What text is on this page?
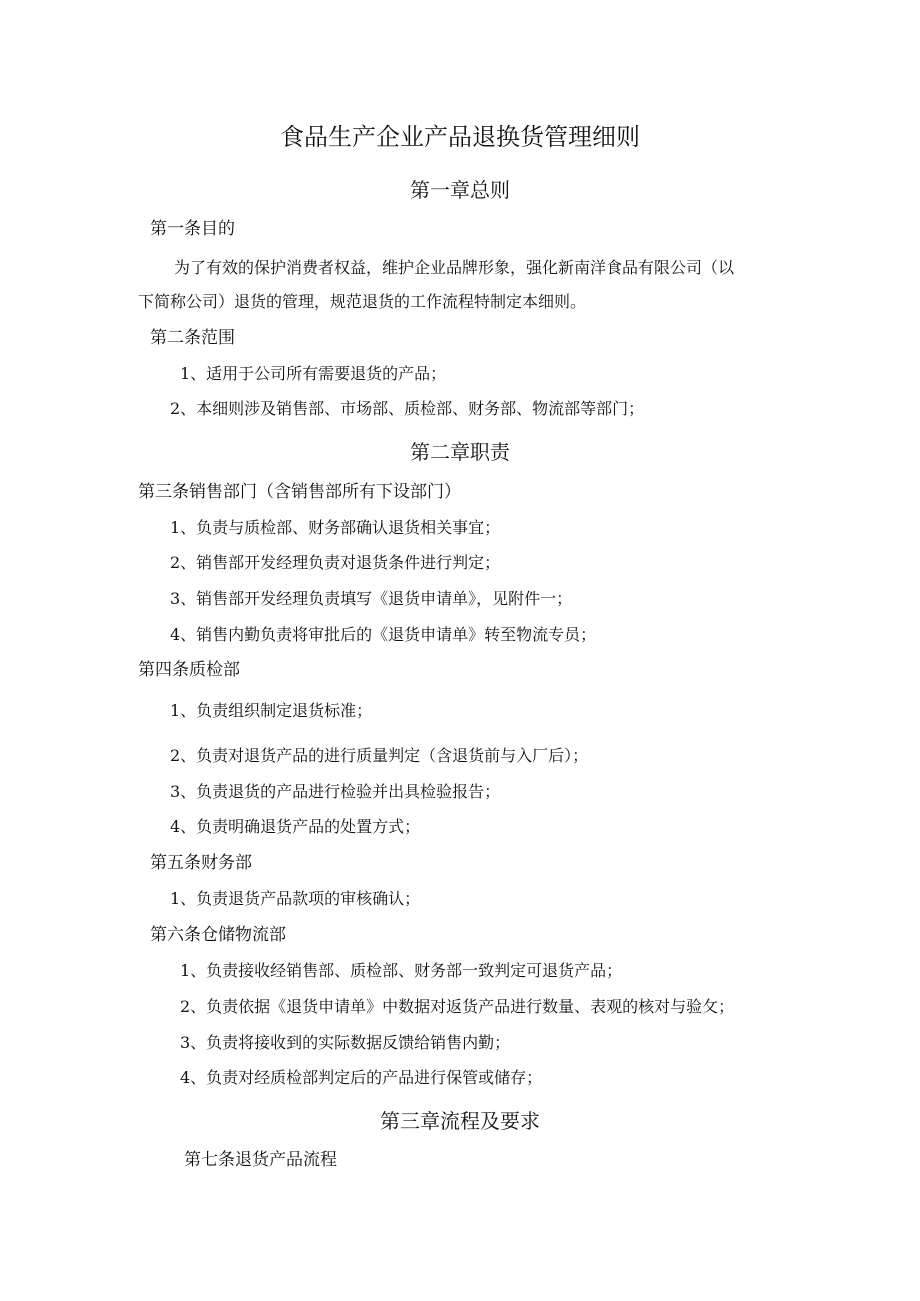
食品生产企业产品退换货管理细则
第一章总则
第一条目的
为了有效的保护消费者权益，维护企业品牌形象，强化新南洋食品有限公司（以
下简称公司）退货的管理，规范退货的工作流程特制定本细则。
第二条范围
1、适用于公司所有需要退货的产品；
2、本细则涉及销售部、市场部、质检部、财务部、物流部等部门；
第二章职责
第三条销售部门（含销售部所有下设部门）
1、负责与质检部、财务部确认退货相关事宜；
2、销售部开发经理负责对退货条件进行判定；
3、销售部开发经理负责填写《退货申请单》，见附件一；
4、销售内勤负责将审批后的《退货申请单》转至物流专员；
第四条质检部
1、负责组织制定退货标准；
2、负责对退货产品的进行质量判定（含退货前与入厂后）；
3、负责退货的产品进行检验并出具检验报告；
4、负责明确退货产品的处置方式；
第五条财务部
1、负责退货产品款项的审核确认；
第六条仓储物流部
1、负责接收经销售部、质检部、财务部一致判定可退货产品；
2、负责依据《退货申请单》中数据对返货产品进行数量、表观的核对与验攵；
3、负责将接收到的实际数据反馈给销售内勤；
4、负责对经质检部判定后的产品进行保管或储存；
第三章流程及要求
第七条退货产品流程
